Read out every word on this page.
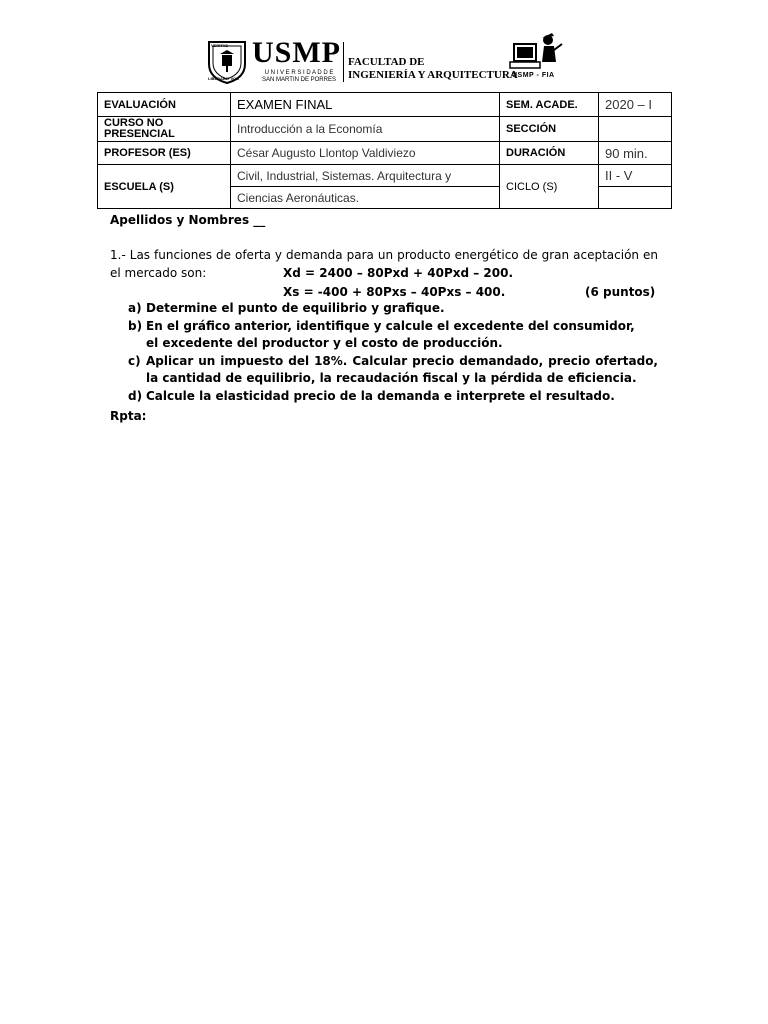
VERITAS
LIBERABIT VOS
USMP
U N I V E R S I D A D D E
SAN MARTIN DE PORRES
FACULTAD DE
INGENIERÍA Y ARQUITECTURA
USMP - FIA
EVALUACIÓN	EXAMEN FINAL	SEM. ACADE.	2020 – I
CURSO NO PRESENCIAL	Introducción a la Economía	SECCIÓN	
PROFESOR (ES)	César Augusto Llontop Valdiviezo	DURACIÓN	90 min.
ESCUELA (S)	Civil, Industrial, Sistemas. Arquitectura y	CICLO (S)	II - V
	Ciencias Aeronáuticas.		
Apellidos y Nombres __
1.- Las funciones de oferta y demanda para un producto energético de gran aceptación en el mercado son:	Xd = 2400 – 80Pxd + 40Pxd – 200.
Xs = -400 + 80Pxs – 40Pxs – 400.	(6 puntos)
a) Determine el punto de equilibrio y grafique.
b) En el gráfico anterior, identifique y calcule el excedente del consumidor, el excedente del productor y el costo de producción.
c) Aplicar un impuesto del 18%. Calcular precio demandado, precio ofertado, la cantidad de equilibrio, la recaudación fiscal y la pérdida de eficiencia.
d) Calcule la elasticidad precio de la demanda e interprete el resultado.
Rpta:
